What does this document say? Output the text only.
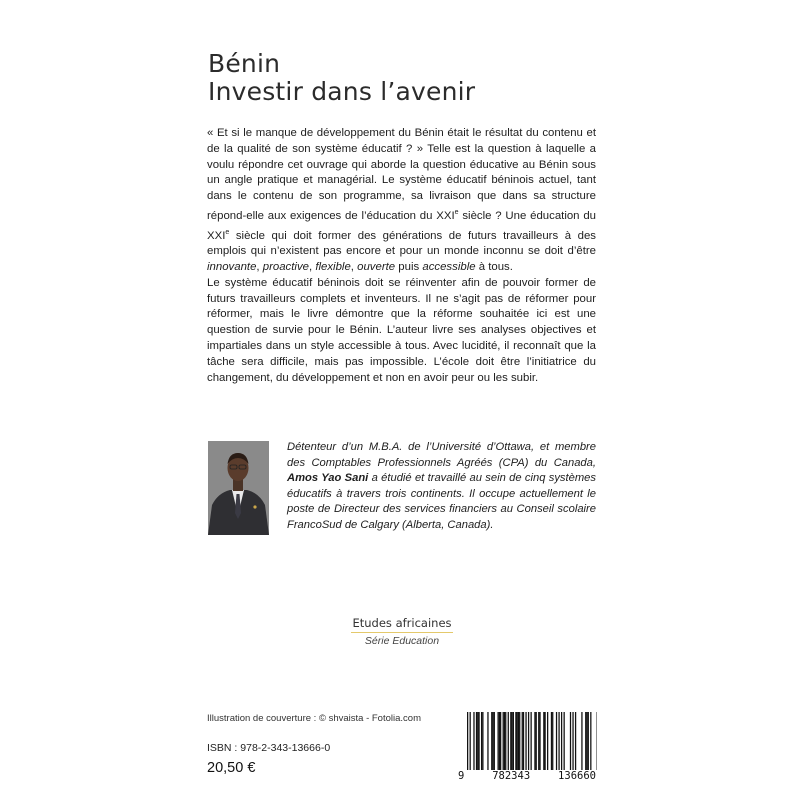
Bénin
Investir dans l’avenir

« Et si le manque de développement du Bénin était le résultat du contenu et de la qualité de son système éducatif ? » Telle est la question à laquelle a voulu répondre cet ouvrage qui aborde la question éducative au Bénin sous un angle pratique et managérial. Le système éducatif béninois actuel, tant dans le contenu de son programme, sa livraison que dans sa structure répond-elle aux exigences de l’éducation du XXIe siècle ? Une éducation du XXIe siècle qui doit former des générations de futurs travailleurs à des emplois qui n’existent pas encore et pour un monde inconnu se doit d’être innovante, proactive, flexible, ouverte puis accessible à tous.

Le système éducatif béninois doit se réinventer afin de pouvoir former de futurs travailleurs complets et inventeurs. Il ne s’agit pas de réformer pour réformer, mais le livre démontre que la réforme souhaitée ici est une question de survie pour le Bénin. L’auteur livre ses analyses objectives et impartiales dans un style accessible à tous. Avec lucidité, il reconnaît que la tâche sera difficile, mais pas impossible. L’école doit être l’initiatrice du changement, du développement et non en avoir peur ou les subir.

Détenteur d’un M.B.A. de l’Université d’Ottawa, et membre des Comptables Professionnels Agréés (CPA) du Canada, Amos Yao Sani a étudié et travaillé au sein de cinq systèmes éducatifs à travers trois continents. Il occupe actuellement le poste de Directeur des services financiers au Conseil scolaire FrancoSud de Calgary (Alberta, Canada).
Etudes africaines
Série Education
Illustration de couverture : © shvaista - Fotolia.com
ISBN : 978-2-343-13666-0
20,50 €	9	782343	136660
